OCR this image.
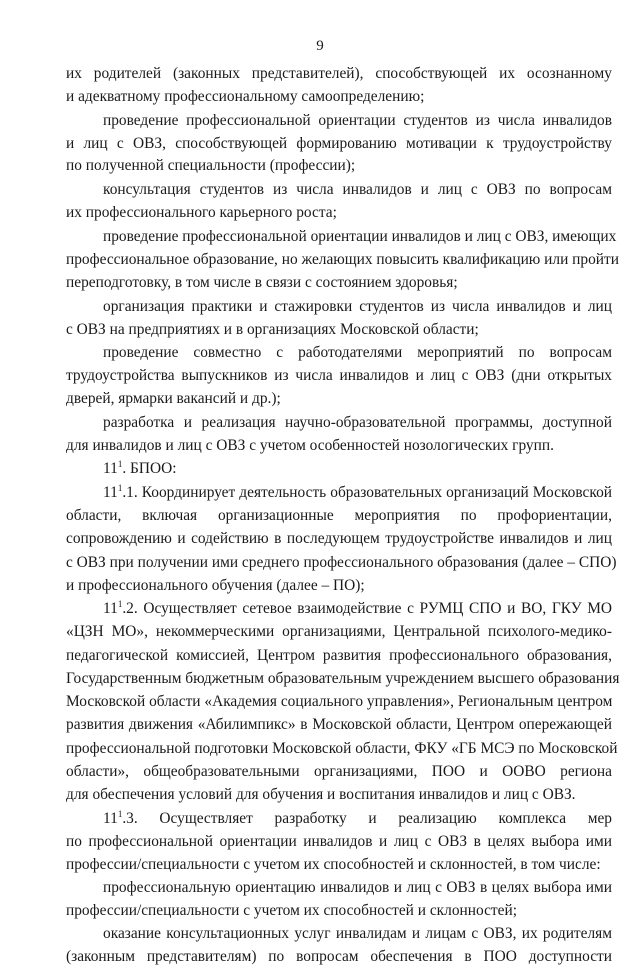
9
их родителей (законных представителей), способствующей их осознанному
и адекватному профессиональному самоопределению;
проведение профессиональной ориентации студентов из числа инвалидов
и лиц с ОВЗ, способствующей формированию мотивации к трудоустройству
по полученной специальности (профессии);
консультация студентов из числа инвалидов и лиц с ОВЗ по вопросам
их профессионального карьерного роста;
проведение профессиональной ориентации инвалидов и лиц с ОВЗ, имеющих
профессиональное образование, но желающих повысить квалификацию или пройти
переподготовку, в том числе в связи с состоянием здоровья;
организация практики и стажировки студентов из числа инвалидов и лиц
с ОВЗ на предприятиях и в организациях Московской области;
проведение совместно с работодателями мероприятий по вопросам
трудоустройства выпускников из числа инвалидов и лиц с ОВЗ (дни открытых
дверей, ярмарки вакансий и др.);
разработка и реализация научно-образовательной программы, доступной
для инвалидов и лиц с ОВЗ с учетом особенностей нозологических групп.
$11^1$. БПОО:
$11^1.1$. Координирует деятельность образовательных организаций Московской
области, включая организационные мероприятия по профориентации,
сопровождению и содействию в последующем трудоустройстве инвалидов и лиц
с ОВЗ при получении ими среднего профессионального образования (далее – СПО)
и профессионального обучения (далее – ПО);
$11^1.2$. Осуществляет сетевое взаимодействие с РУМЦ СПО и ВО, ГКУ МО
«ЦЗН МО», некоммерческими организациями, Центральной психолого-медико-
педагогической комиссией, Центром развития профессионального образования,
Государственным бюджетным образовательным учреждением высшего образования
Московской области «Академия социального управления», Региональным центром
развития движения «Абилимпикс» в Московской области, Центром опережающей
профессиональной подготовки Московской области, ФКУ «ГБ МСЭ по Московской
области», общеобразовательными организациями, ПОО и ООВО региона
для обеспечения условий для обучения и воспитания инвалидов и лиц с ОВЗ.
$11^1.3$. Осуществляет разработку и реализацию комплекса мер
по профессиональной ориентации инвалидов и лиц с ОВЗ в целях выбора ими
профессии/специальности с учетом их способностей и склонностей, в том числе:
профессиональную ориентацию инвалидов и лиц с ОВЗ в целях выбора ими
профессии/специальности с учетом их способностей и склонностей;
оказание консультационных услуг инвалидам и лицам с ОВЗ, их родителям
(законным представителям) по вопросам обеспечения в ПОО доступности
